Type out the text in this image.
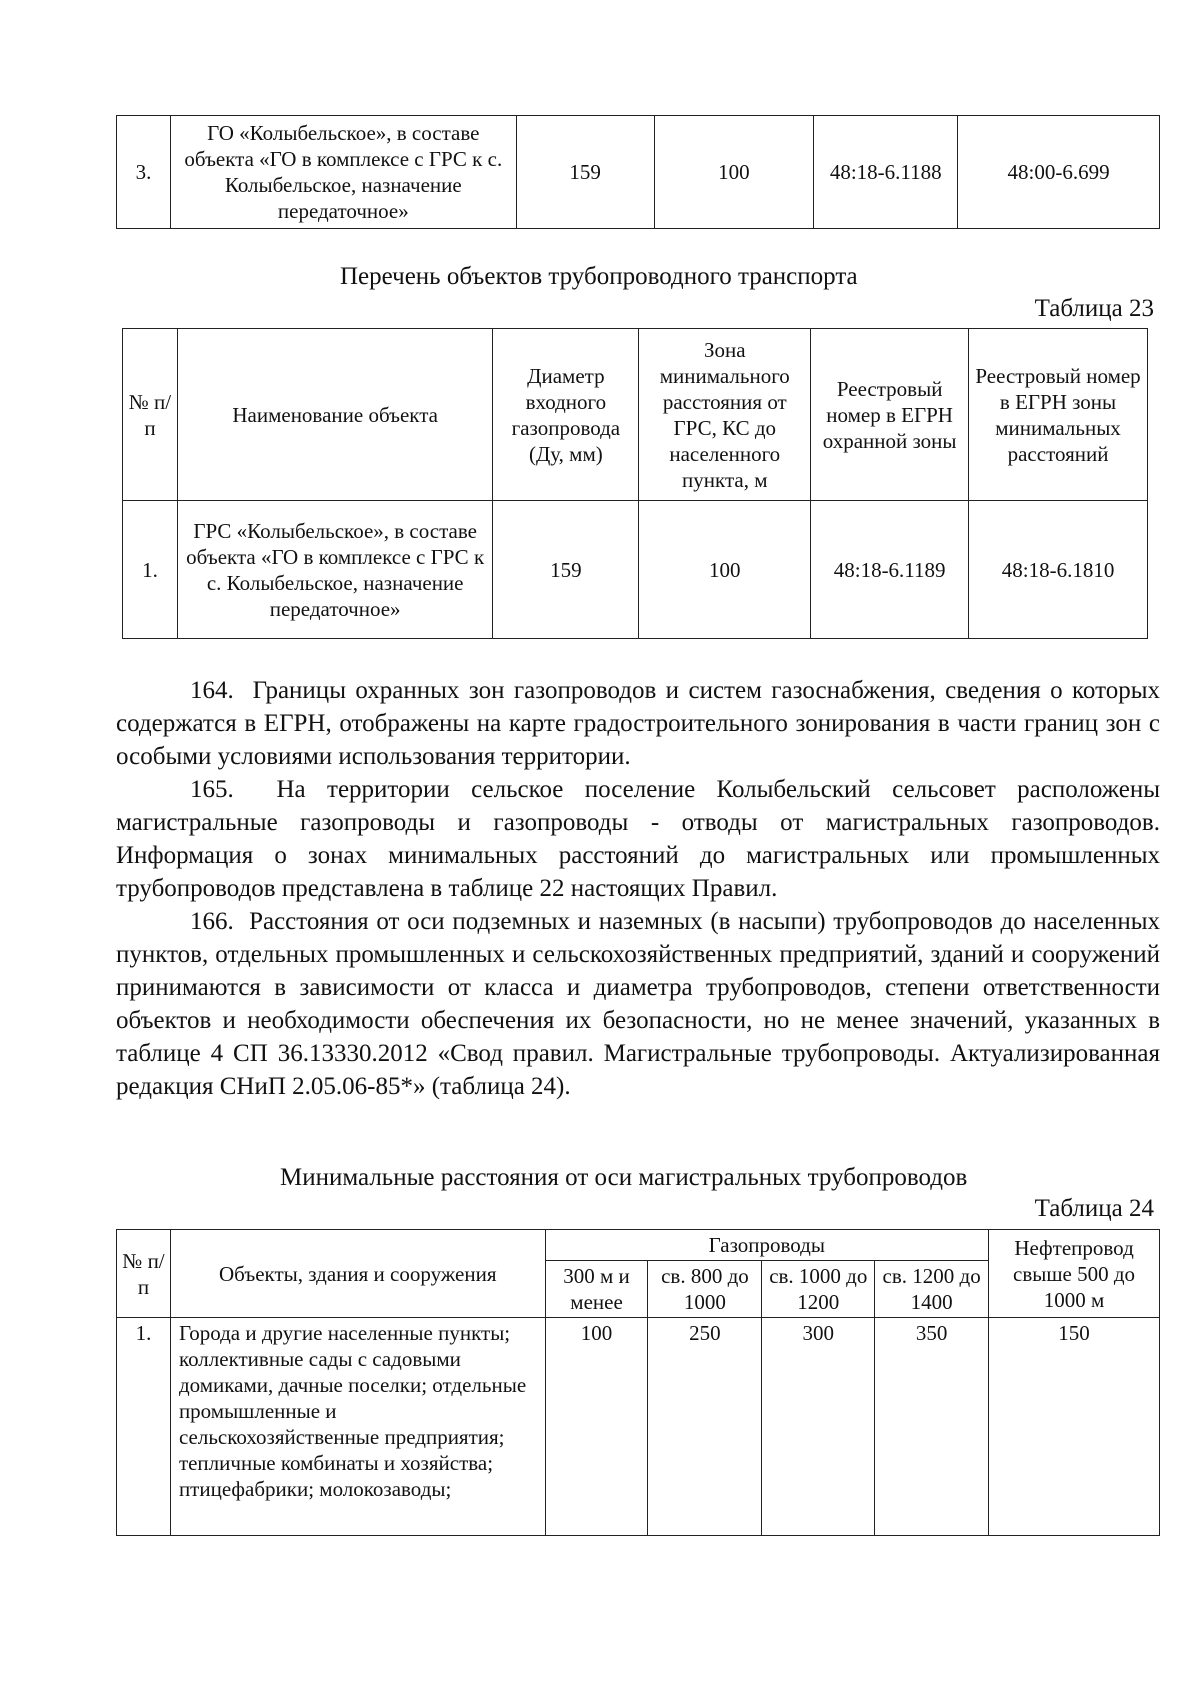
3.	ГО «Колыбельское», в составе объекта «ГО в комплексе с ГРС к с. Колыбельское, назначение передаточное»	159	100	48:18-6.1188	48:00-6.699
Перечень объектов трубопроводного транспорта
Таблица 23
№ п/п	Наименование объекта	Диаметр входного газопровода (Ду, мм)	Зона минимального расстояния от ГРС, КС до населенного пункта, м	Реестровый номер в ЕГРН охранной зоны	Реестровый номер в ЕГРН зоны минимальных расстояний
1.	ГРС «Колыбельское», в составе объекта «ГО в комплексе с ГРС к с. Колыбельское, назначение передаточное»	159	100	48:18-6.1189	48:18-6.1810

164.  Границы охранных зон газопроводов и систем газоснабжения, сведения о которых содержатся в ЕГРН, отображены на карте градостроительного зонирования в части границ зон с особыми условиями использования территории.

165.  На территории сельское поселение Колыбельский сельсовет расположены магистральные газопроводы и газопроводы - отводы от магистральных газопроводов. Информация о зонах минимальных расстояний до магистральных или промышленных трубопроводов представлена в таблице 22 настоящих Правил.

166.  Расстояния от оси подземных и наземных (в насыпи) трубопроводов до населенных пунктов, отдельных промышленных и сельскохозяйственных предприятий, зданий и сооружений принимаются в зависимости от класса и диаметра трубопроводов, степени ответственности объектов и необходимости обеспечения их безопасности, но не менее значений, указанных в таблице 4 СП 36.13330.2012 «Свод правил. Магистральные трубопроводы. Актуализированная редакция СНиП 2.05.06-85*» (таблица 24).

Минимальные расстояния от оси магистральных трубопроводов
Таблица 24
№ п/п	Объекты, здания и сооружения	Газопроводы				Нефтепровод свыше 500 до 1000 м
		300 м и менее	св. 800 до 1000	св. 1000 до 1200	св. 1200 до 1400	
1.	Города и другие населенные пункты; коллективные сады с садовыми домиками, дачные поселки; отдельные промышленные и сельскохозяйственные предприятия; тепличные комбинаты и хозяйства; птицефабрики; молокозаводы;	100	250	300	350	150
